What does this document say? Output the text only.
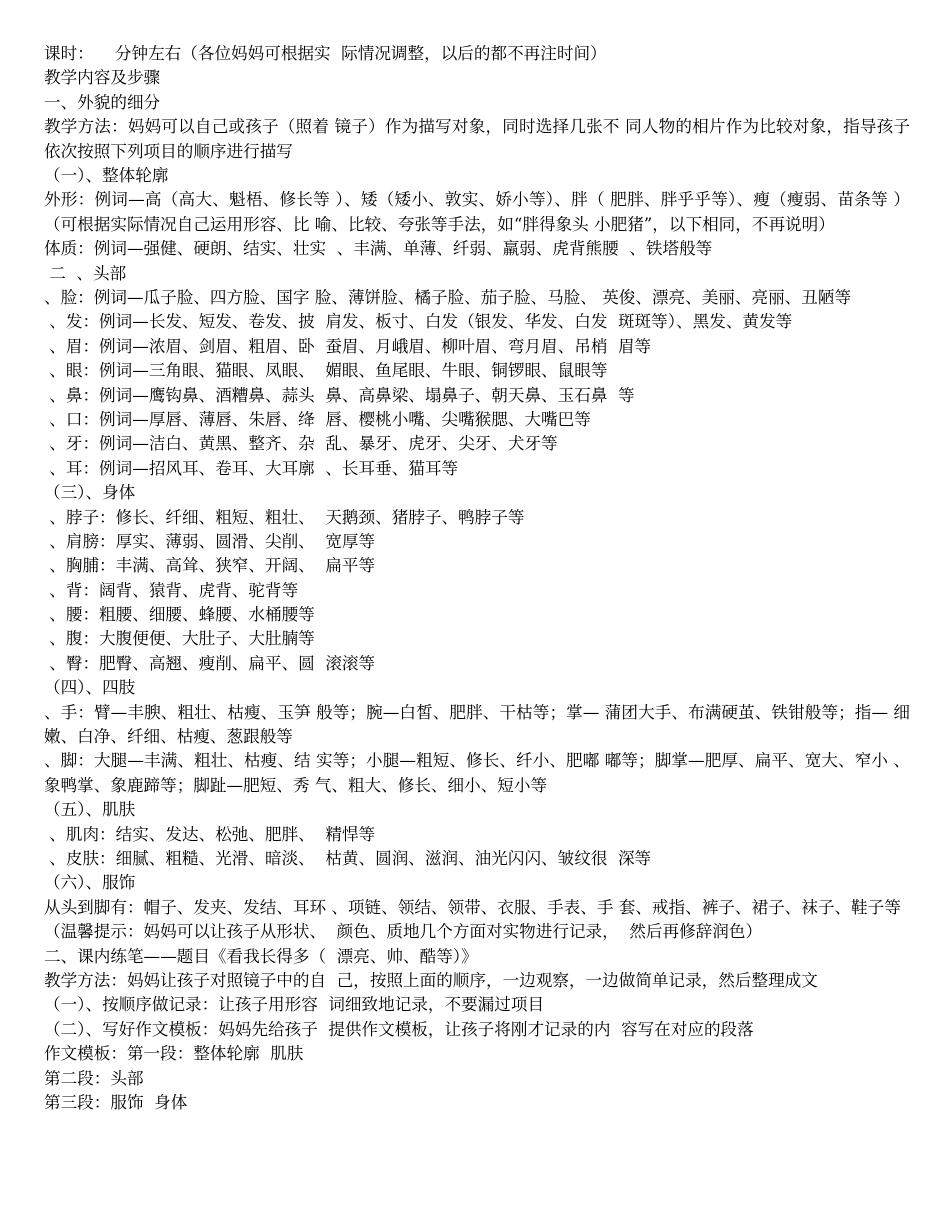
课时：    分钟左右（各位妈妈可根据实  际情况调整，以后的都不再注时间）
教学内容及步骤
一、外貌的细分

教学方法：妈妈可以自己或孩子（照着 镜子）作为描写对象，同时选择几张不 同人物的相片作为比较对象，指导孩子 依次按照下列项目的顺序进行描写

（一）、整体轮廓

外形：例词—高（高大、魁梧、修长等 ）、矮（矮小、敦实、娇小等）、胖（ 肥胖、胖乎乎等）、瘦（瘦弱、苗条等 ）（可根据实际情况自己运用形容、比 喻、比较、夸张等手法，如“胖得象头 小肥猪”，以下相同，不再说明）

体质：例词—强健、硬朗、结实、壮实  、丰满、单薄、纤弱、羸弱、虎背熊腰  、铁塔般等
二  、头部

、脸：例词—瓜子脸、四方脸、国字 脸、薄饼脸、橘子脸、茄子脸、马脸、 英俊、漂亮、美丽、亮丽、丑陋等

、发：例词—长发、短发、卷发、披  肩发、板寸、白发（银发、华发、白发  斑斑等）、黑发、黄发等
、眉：例词—浓眉、剑眉、粗眉、卧  蚕眉、月峨眉、柳叶眉、弯月眉、吊梢  眉等
、眼：例词—三角眼、猫眼、凤眼、  媚眼、鱼尾眼、牛眼、铜锣眼、鼠眼等
、鼻：例词—鹰钩鼻、酒糟鼻、蒜头  鼻、高鼻梁、塌鼻子、朝天鼻、玉石鼻  等
、口：例词—厚唇、薄唇、朱唇、绛  唇、樱桃小嘴、尖嘴猴腮、大嘴巴等
、牙：例词—洁白、黄黑、整齐、杂  乱、暴牙、虎牙、尖牙、犬牙等
、耳：例词—招风耳、卷耳、大耳廓  、长耳垂、猫耳等
（三）、身体
、脖子：修长、纤细、粗短、粗壮、  天鹅颈、猪脖子、鸭脖子等
、肩膀：厚实、薄弱、圆滑、尖削、  宽厚等
、胸脯：丰满、高耸、狭窄、开阔、  扁平等
、背：阔背、猿背、虎背、驼背等
、腰：粗腰、细腰、蜂腰、水桶腰等
、腹：大腹便便、大肚子、大肚腩等
、臀：肥臀、高翘、瘦削、扁平、圆  滚滚等
（四）、四肢

、手：臂—丰腴、粗壮、枯瘦、玉笋 般等；腕—白皙、肥胖、干枯等；掌— 蒲团大手、布满硬茧、铁钳般等；指— 细嫩、白净、纤细、枯瘦、葱跟般等

、脚：大腿—丰满、粗壮、枯瘦、结 实等；小腿—粗短、修长、纤小、肥嘟 嘟等；脚掌—肥厚、扁平、宽大、窄小 、象鸭掌、象鹿蹄等；脚趾—肥短、秀 气、粗大、修长、细小、短小等

（五）、肌肤
、肌肉：结实、发达、松弛、肥胖、  精悍等
、皮肤：细腻、粗糙、光滑、暗淡、  枯黄、圆润、滋润、油光闪闪、皱纹很  深等
（六）、服饰

从头到脚有：帽子、发夹、发结、耳环 、项链、领结、领带、衣服、手表、手 套、戒指、裤子、裙子、袜子、鞋子等

（温馨提示：妈妈可以让孩子从形状、  颜色、质地几个方面对实物进行记录，  然后再修辞润色）
二、课内练笔——题目《看我长得多（  漂亮、帅、酷等）》
教学方法：妈妈让孩子对照镜子中的自  己，按照上面的顺序，一边观察，一边做简单记录，然后整理成文
（一）、按顺序做记录：让孩子用形容  词细致地记录，不要漏过项目
（二）、写好作文模板：妈妈先给孩子  提供作文模板，让孩子将刚才记录的内  容写在对应的段落
作文模板：第一段：整体轮廓  肌肤
第二段：头部
第三段：服饰  身体
